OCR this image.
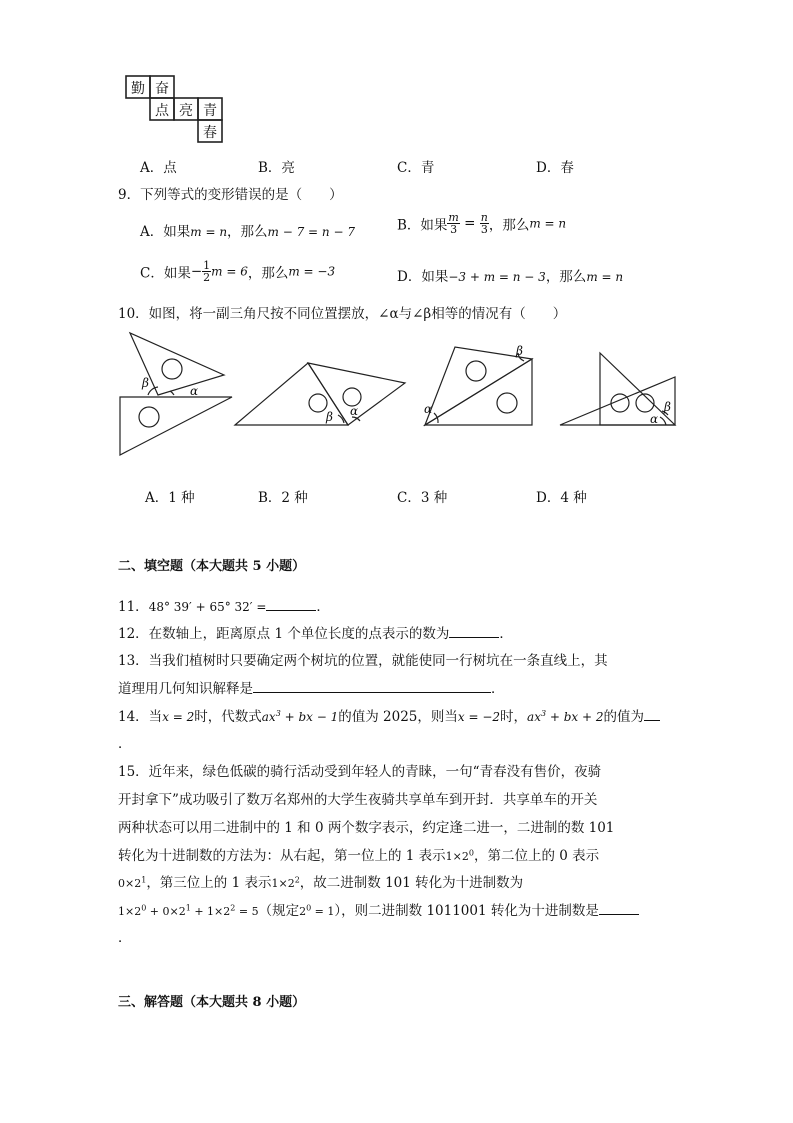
勤 奋
点 亮 青
春
A．点	B．亮	C．青	D．春
9．下列等式的变形错误的是（　　）
A．如果m = n，那么m − 7 = n − 7	B．如果 $\frac{m}{3} = \frac{n}{3}$ ，那么m = n
C．如果− $\frac{1}{2}$ m = 6，那么m = −3	D．如果−3 + m = n − 3，那么m = n
10．如图，将一副三角尺按不同位置摆放，∠α与∠β相等的情况有（　　）
β
α
β α	α
β
β
α
A．1 种	B．2 种	C．3 种	D．4 种
二、填空题（本大题共 5 小题）
11．48° 39′ + 65° 32′ =	．
12．在数轴上，距离原点 1 个单位长度的点表示的数为	．
13．当我们植树时只要确定两个树坑的位置，就能使同一行树坑在一条直线上，其
道理用几何知识解释是	．
14．当x = 2时，代数式$ax^3$ + bx − 1的值为 2025，则当x = −2时，$ax^3$ + bx + 2的值为
．
15．近年来，绿色低碳的骑行活动受到年轻人的青睐，一句“青春没有售价，夜骑
开封拿下”成功吸引了数万名郑州的大学生夜骑共享单车到开封．共享单车的开关
两种状态可以用二进制中的 1 和 0 两个数字表示，约定逢二进一，二进制的数 101
转化为十进制数的方法为：从右起，第一位上的 1 表示$1\times 2^0$，第二位上的 0 表示
$0\times 2^1$，第三位上的 1 表示$1\times 2^2$，故二进制数 101 转化为十进制数为
$1\times 2^0 + 0\times 2^1 + 1\times 2^2 = 5$（规定$2^0 = 1$），则二进制数 1011001 转化为十进制数是
．
三、解答题（本大题共 8 小题）
